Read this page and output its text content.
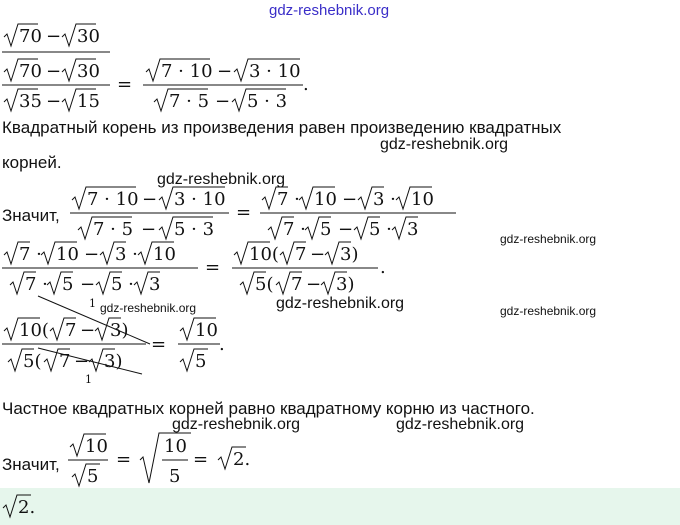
gdz-reshebnik.org
gdz-reshebnik.org
gdz-reshebnik.org
gdz-reshebnik.org
gdz-reshebnik.org	gdz-reshebnik.org	gdz-reshebnik.org
gdz-reshebnik.org	gdz-reshebnik.org
Квадратный корень из произведения равен произведению квадратных
корней.
Значит,
Частное квадратных корней равно квадратному корню из частного.
Значит,
70 − 30
70 − 30
35 − 15
=
7 · 10 − 3 · 10
7 · 5 − 5 · 3
.
7 · 10 − 3 · 10
7 · 5 − 5 · 3
=
7 · 10 − 3 · 10
7 · 5 − 5 · 3
7 · 10 − 3 · 10
7 · 5 − 5 · 3
=
10( 7 − 3)
5( 7 − 3)
.
10( 7 − 3)
5( 7 − 3)
=
10
5
.
1
1
10
5
=
10
5
= 2.
2.
